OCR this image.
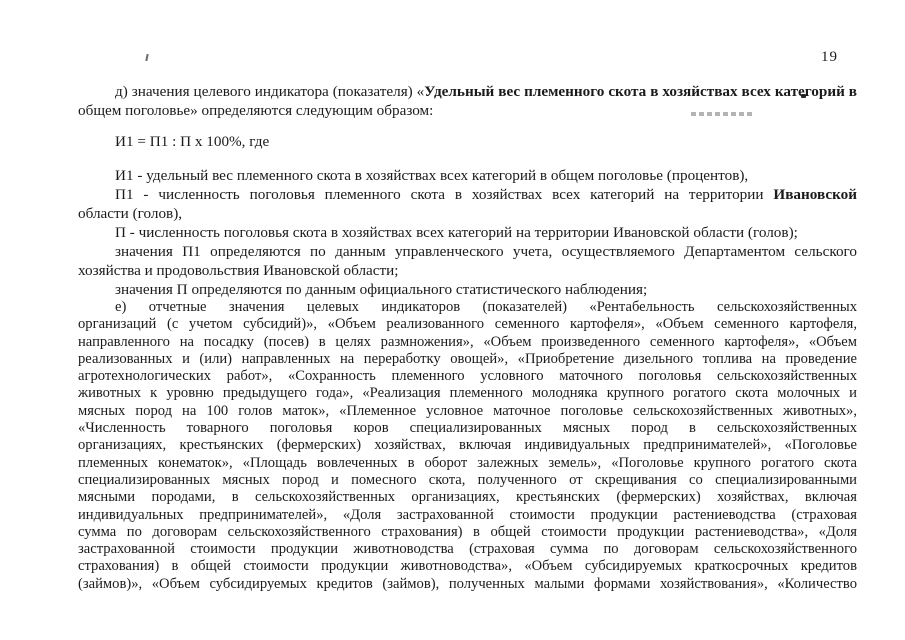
19
д) значения целевого индикатора (показателя) «Удельный вес племенного скота в хозяйствах всех категорий в
общем поголовье» определяются следующим образом:
И1 = П1 : П х 100%, где
И1 - удельный вес племенного скота в хозяйствах всех категорий в общем поголовье (процентов),
П1 - численность поголовья племенного скота в хозяйствах всех категорий на территории Ивановской
области (голов),
П - численность поголовья скота в хозяйствах всех категорий на территории Ивановской области (голов);
значения П1 определяются по данным управленческого учета, осуществляемого Департаментом сельского
хозяйства и продовольствия Ивановской области;
значения П определяются по данным официального статистического наблюдения;
е) отчетные значения целевых индикаторов (показателей) «Рентабельность сельскохозяйственных
организаций (с учетом субсидий)», «Объем реализованного семенного картофеля», «Объем семенного картофеля,
направленного на посадку (посев) в целях размножения», «Объем произведенного семенного картофеля», «Объем
реализованных и (или) направленных на переработку овощей», «Приобретение дизельного топлива на проведение
агротехнологических работ», «Сохранность племенного условного маточного поголовья сельскохозяйственных
животных к уровню предыдущего года», «Реализация племенного молодняка крупного рогатого скота молочных и
мясных пород на 100 голов маток», «Племенное условное маточное поголовье сельскохозяйственных животных»,
«Численность товарного поголовья коров специализированных мясных пород в сельскохозяйственных
организациях, крестьянских (фермерских) хозяйствах, включая индивидуальных предпринимателей», «Поголовье
племенных конематок», «Площадь вовлеченных в оборот залежных земель», «Поголовье крупного рогатого скота
специализированных мясных пород и помесного скота, полученного от скрещивания со специализированными
мясными породами, в сельскохозяйственных организациях, крестьянских (фермерских) хозяйствах, включая
индивидуальных предпринимателей», «Доля застрахованной стоимости продукции растениеводства (страховая
сумма по договорам сельскохозяйственного страхования) в общей стоимости продукции растениеводства», «Доля
застрахованной стоимости продукции животноводства (страховая сумма по договорам сельскохозяйственного
страхования) в общей стоимости продукции животноводства», «Объем субсидируемых краткосрочных кредитов
(займов)», «Объем субсидируемых кредитов (займов), полученных малыми формами хозяйствования», «Количество
